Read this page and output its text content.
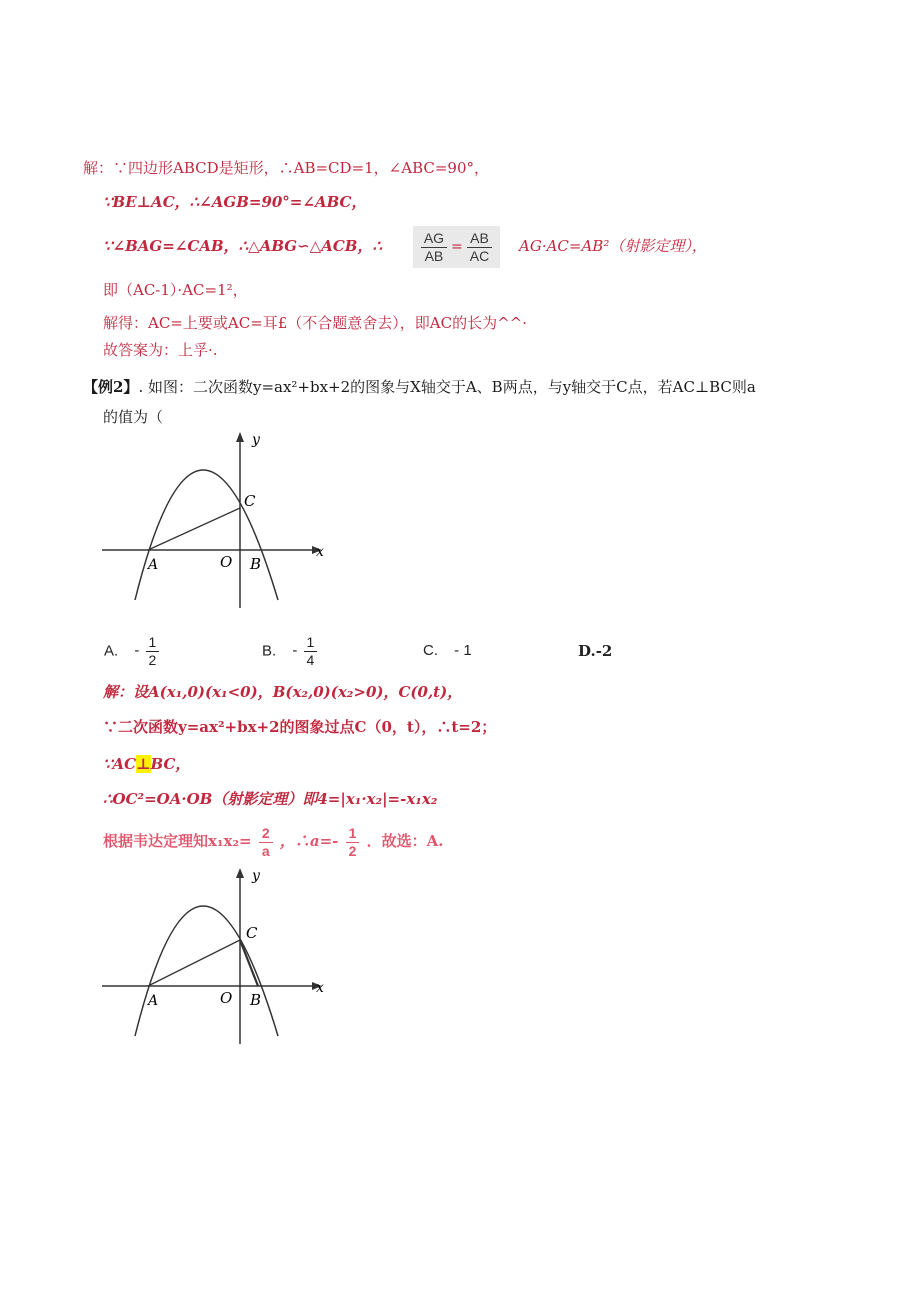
解：∵四边形ABCD是矩形，∴AB=CD=1，∠ABC=90°，
∵BE⊥AC，∴∠AGB=90°=∠ABC，
∵∠BAG=∠CAB，∴△ABG∽△ACB，∴	$\frac{AG}{AB} = \frac{AB}{AC} AG\cdot AC=AB^2$（射影定理），
即（AC-1）·AC=1²，
解得：AC=上要或AC=耳£（不合题意舍去），即AC的长为^^·
故答案为：上孚·.
【例2】. 如图：二次函数y=ax²+bx+2的图象与X轴交于A、B两点，与y轴交于C点，若AC⊥BC则a
的值为（
x
y
C
A	O B
A. - $\frac{1}{2}$	B. - $\frac{1}{4}$	C. - 1	D.-2
解：设A(x₁,0)(x₁<0)，B(x₂,0)(x₂>0)，C(0,t)，
∵二次函数y=ax²+bx+2的图象过点C（0，t），∴t=2；
∵AC⊥BC，
∴OC²=OA·OB（射影定理）即4=|x₁·x₂|=-x₁x₂
根据韦达定理知$x_1x_2= \frac{2}{a}$ ，∴a=- $\frac{1}{2}$ ．故选：A.
x
y
C
A	O B
